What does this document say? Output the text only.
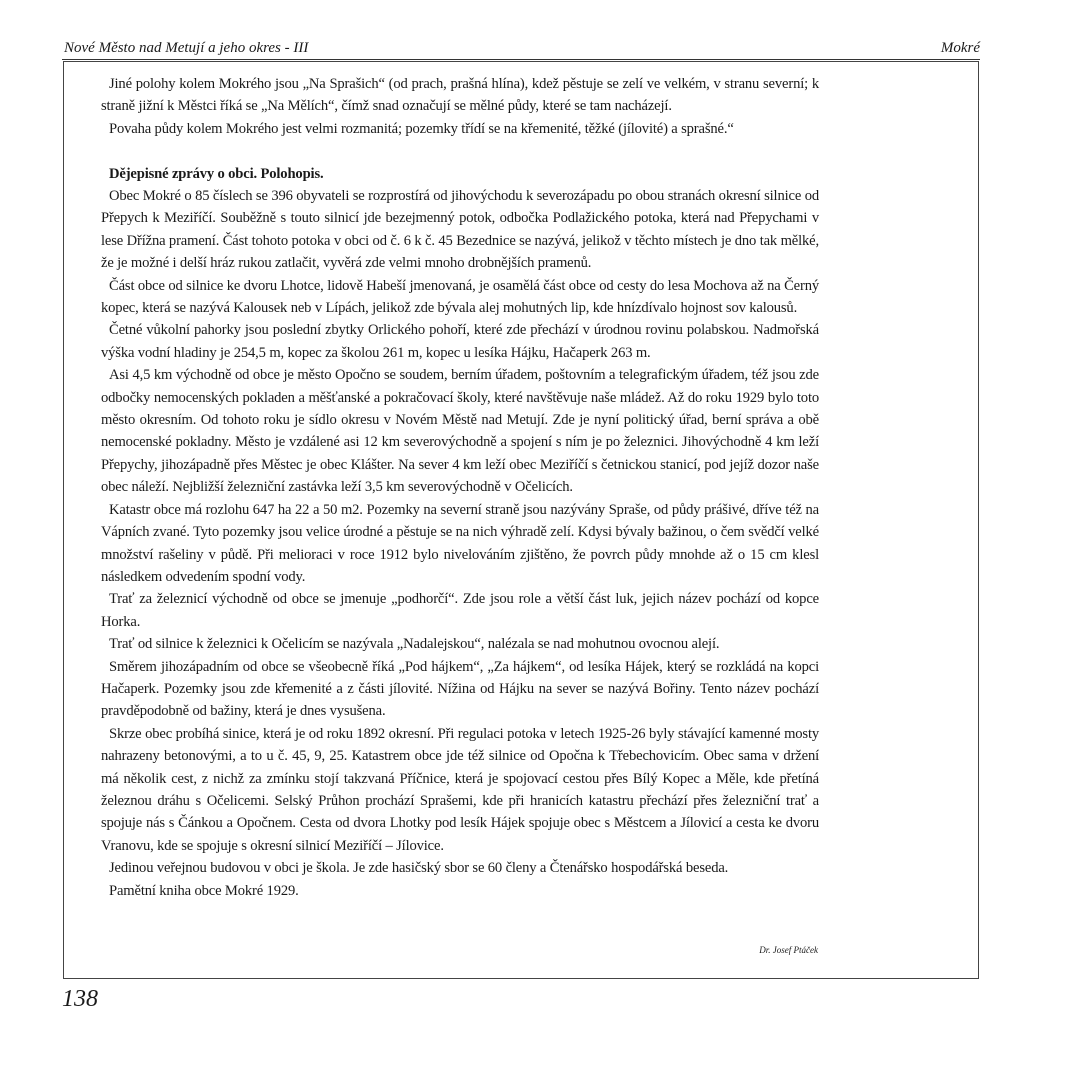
Nové Město nad Metují a jeho okres - III	Mokré

Jiné polohy kolem Mokrého jsou „Na Sprašich“ (od prach, prašná hlína), kdež pěstuje se zelí ve velkém, v stranu severní; k straně jižní k Městci říká se „Na Mělích“, čímž snad označují se mělné půdy, které se tam nacházejí.

Povaha půdy kolem Mokrého jest velmi rozmanitá; pozemky třídí se na křemenité, těžké (jílovité) a sprašné.“

Dějepisné zprávy o obci. Polohopis.

Obec Mokré o 85 číslech se 396 obyvateli se rozprostírá od jihovýchodu k severozápadu po obou stranách okresní silnice od Přepych k Meziříčí. Souběžně s touto silnicí jde bezejmenný potok, odbočka Podlažického potoka, která nad Přepychami v lese Dřížna pramení. Část tohoto potoka v obci od č. 6 k č. 45 Bezednice se nazývá, jelikož v těchto místech je dno tak mělké, že je možné i delší hráz rukou zatlačit, vyvěrá zde velmi mnoho drobnějších pramenů.

Část obce od silnice ke dvoru Lhotce, lidově Habeší jmenovaná, je osamělá část obce od cesty do lesa Mochova až na Černý kopec, která se nazývá Kalousek neb v Lípách, jelikož zde bývala alej mohutných lip, kde hnízdívalo hojnost sov kalousů.

Četné vůkolní pahorky jsou poslední zbytky Orlického pohoří, které zde přechází v úrodnou rovinu polabskou. Nadmořská výška vodní hladiny je 254,5 m, kopec za školou 261 m, kopec u lesíka Hájku, Hačaperk 263 m.

Asi 4,5 km východně od obce je město Opočno se soudem, berním úřadem, poštovním a telegrafickým úřadem, též jsou zde odbočky nemocenských pokladen a měšťanské a pokračovací školy, které navštěvuje naše mládež. Až do roku 1929 bylo toto město okresním. Od tohoto roku je sídlo okresu v Novém Městě nad Metují. Zde je nyní politický úřad, berní správa a obě nemocenské pokladny. Město je vzdálené asi 12 km severovýchodně a spojení s ním je po železnici. Jihovýchodně 4 km leží Přepychy, jihozápadně přes Městec je obec Klášter. Na sever 4 km leží obec Meziříčí s četnickou stanicí, pod jejíž dozor naše obec náleží. Nejbližší železniční zastávka leží 3,5 km severovýchodně v Očelicích.

Katastr obce má rozlohu 647 ha 22 a 50 m2. Pozemky na severní straně jsou nazývány Spraše, od půdy prášivé, dříve též na Vápních zvané. Tyto pozemky jsou velice úrodné a pěstuje se na nich výhradě zelí. Kdysi bývaly bažinou, o čem svědčí velké množství rašeliny v půdě. Při melioraci v roce 1912 bylo nivelováním zjištěno, že povrch půdy mnohde až o 15 cm klesl následkem odvedením spodní vody.

Trať za železnicí východně od obce se jmenuje „podhorčí“. Zde jsou role a větší část luk, jejich název pochází od kopce Horka.

Trať od silnice k železnici k Očelicím se nazývala „Nadalejskou“, nalézala se nad mohutnou ovocnou alejí.

Směrem jihozápadním od obce se všeobecně říká „Pod hájkem“, „Za hájkem“, od lesíka Hájek, který se rozkládá na kopci Hačaperk. Pozemky jsou zde křemenité a z části jílovité. Nížina od Hájku na sever se nazývá Bořiny. Tento název pochází pravděpodobně od bažiny, která je dnes vysušena.

Skrze obec probíhá sinice, která je od roku 1892 okresní. Při regulaci potoka v letech 1925-26 byly stávající kamenné mosty nahrazeny betonovými, a to u č. 45, 9, 25. Katastrem obce jde též silnice od Opočna k Třebechovicím. Obec sama v držení má několik cest, z nichž za zmínku stojí takzvaná Příčnice, která je spojovací cestou přes Bílý Kopec a Měle, kde přetíná železnou dráhu s Očelicemi. Selský Průhon prochází Sprašemi, kde při hranicích katastru přechází přes železniční trať a spojuje nás s Čánkou a Opočnem. Cesta od dvora Lhotky pod lesík Hájek spojuje obec s Městcem a Jílovicí a cesta ke dvoru Vranovu, kde se spojuje s okresní silnicí Meziříčí – Jílovice.

Jedinou veřejnou budovou v obci je škola. Je zde hasičský sbor se 60 členy a Čtenářsko hospodářská beseda.

Pamětní kniha obce Mokré 1929.

Dr. Josef Ptáček
138
